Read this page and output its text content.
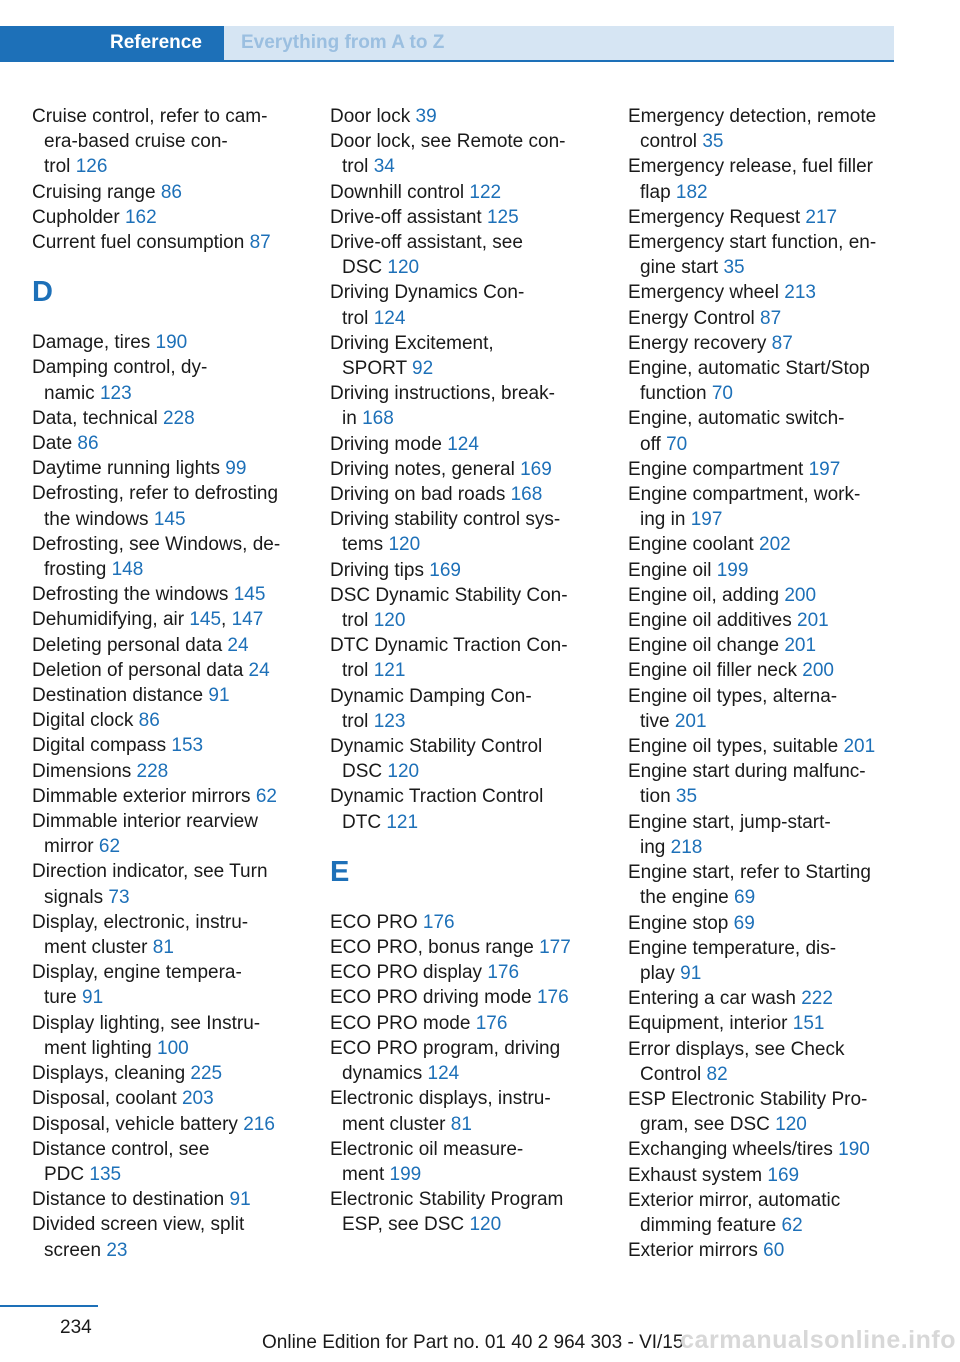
Reference	Everything from A to Z
Cruise control, refer to cam-
era-based cruise con-
trol 126
Cruising range 86
Cupholder 162
Current fuel consumption 87
D
Damage, tires 190
Damping control, dy-
namic 123
Data, technical 228
Date 86
Daytime running lights 99
Defrosting, refer to defrosting
the windows 145
Defrosting, see Windows, de-
frosting 148
Defrosting the windows 145
Dehumidifying, air 145, 147
Deleting personal data 24
Deletion of personal data 24
Destination distance 91
Digital clock 86
Digital compass 153
Dimensions 228
Dimmable exterior mirrors 62
Dimmable interior rearview
mirror 62
Direction indicator, see Turn
signals 73
Display, electronic, instru-
ment cluster 81
Display, engine tempera-
ture 91
Display lighting, see Instru-
ment lighting 100
Displays, cleaning 225
Disposal, coolant 203
Disposal, vehicle battery 216
Distance control, see
PDC 135
Distance to destination 91
Divided screen view, split
screen 23
Door lock 39
Door lock, see Remote con-
trol 34
Downhill control 122
Drive-off assistant 125
Drive-off assistant, see
DSC 120
Driving Dynamics Con-
trol 124
Driving Excitement,
SPORT 92
Driving instructions, break-
in 168
Driving mode 124
Driving notes, general 169
Driving on bad roads 168
Driving stability control sys-
tems 120
Driving tips 169
DSC Dynamic Stability Con-
trol 120
DTC Dynamic Traction Con-
trol 121
Dynamic Damping Con-
trol 123
Dynamic Stability Control
DSC 120
Dynamic Traction Control
DTC 121
E
ECO PRO 176
ECO PRO, bonus range 177
ECO PRO display 176
ECO PRO driving mode 176
ECO PRO mode 176
ECO PRO program, driving
dynamics 124
Electronic displays, instru-
ment cluster 81
Electronic oil measure-
ment 199
Electronic Stability Program
ESP, see DSC 120
Emergency detection, remote
control 35
Emergency release, fuel filler
flap 182
Emergency Request 217
Emergency start function, en-
gine start 35
Emergency wheel 213
Energy Control 87
Energy recovery 87
Engine, automatic Start/Stop
function 70
Engine, automatic switch-
off 70
Engine compartment 197
Engine compartment, work-
ing in 197
Engine coolant 202
Engine oil 199
Engine oil, adding 200
Engine oil additives 201
Engine oil change 201
Engine oil filler neck 200
Engine oil types, alterna-
tive 201
Engine oil types, suitable 201
Engine start during malfunc-
tion 35
Engine start, jump-start-
ing 218
Engine start, refer to Starting
the engine 69
Engine stop 69
Engine temperature, dis-
play 91
Entering a car wash 222
Equipment, interior 151
Error displays, see Check
Control 82
ESP Electronic Stability Pro-
gram, see DSC 120
Exchanging wheels/tires 190
Exhaust system 169
Exterior mirror, automatic
dimming feature 62
Exterior mirrors 60
234
Online Edition for Part no. 01 40 2 964 303 - VI/15
carmanualsonline.info
